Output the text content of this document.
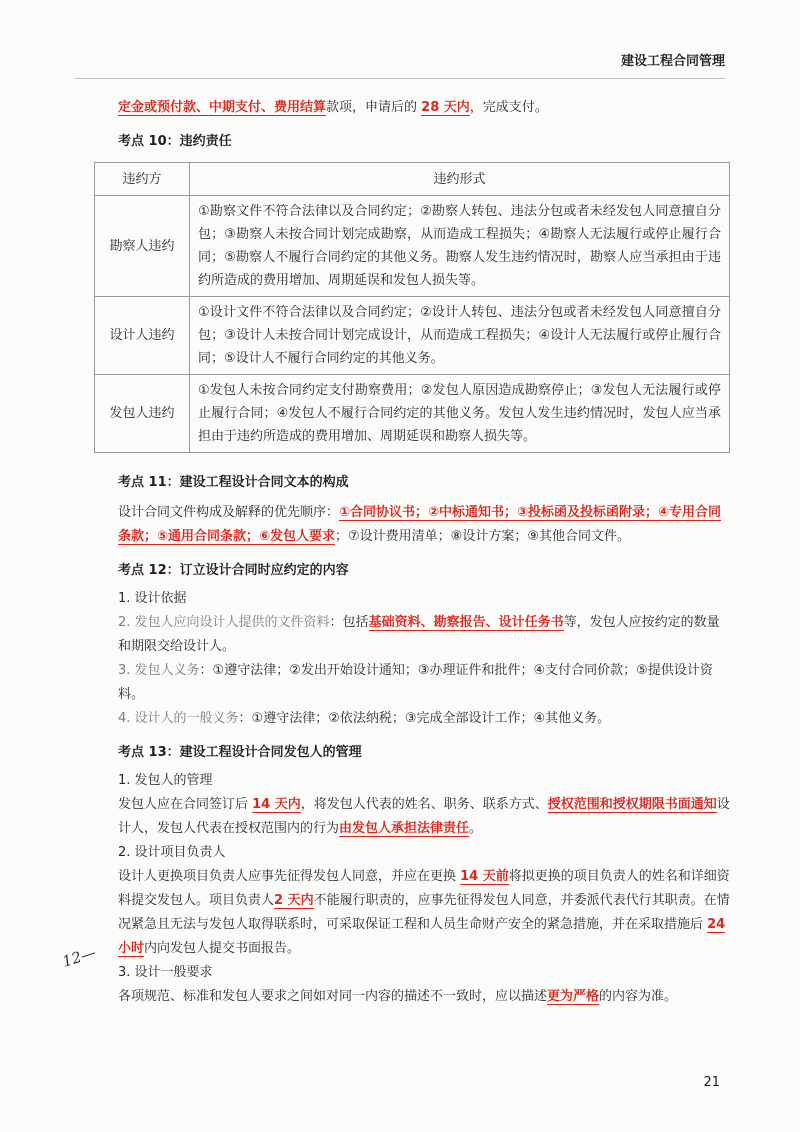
建设工程合同管理

定金或预付款、中期支付、费用结算款项，申请后的 28 天内，完成支付。

考点 10：违约责任

违约方	违约形式
勘察人违约	①勘察文件不符合法律以及合同约定；②勘察人转包、违法分包或者未经发包人同意擅自分包；③勘察人未按合同计划完成勘察，从而造成工程损失；④勘察人无法履行或停止履行合同；⑤勘察人不履行合同约定的其他义务。勘察人发生违约情况时，勘察人应当承担由于违约所造成的费用增加、周期延误和发包人损失等。
设计人违约	①设计文件不符合法律以及合同约定；②设计人转包、违法分包或者未经发包人同意擅自分包；③设计人未按合同计划完成设计，从而造成工程损失；④设计人无法履行或停止履行合同；⑤设计人不履行合同约定的其他义务。
发包人违约	①发包人未按合同约定支付勘察费用；②发包人原因造成勘察停止；③发包人无法履行或停止履行合同；④发包人不履行合同约定的其他义务。发包人发生违约情况时，发包人应当承担由于违约所造成的费用增加、周期延误和勘察人损失等。

考点 11：建设工程设计合同文本的构成

设计合同文件构成及解释的优先顺序：①合同协议书；②中标通知书；③投标函及投标函附录；④专用合同条款；⑤通用合同条款；⑥发包人要求；⑦设计费用清单；⑧设计方案；⑨其他合同文件。

考点 12：订立设计合同时应约定的内容

1. 设计依据

2. 发包人应向设计人提供的文件资料：包括基础资料、勘察报告、设计任务书等，发包人应按约定的数量和期限交给设计人。

3. 发包人义务：①遵守法律；②发出开始设计通知；③办理证件和批件；④支付合同价款；⑤提供设计资料。

4. 设计人的一般义务：①遵守法律；②依法纳税；③完成全部设计工作；④其他义务。

考点 13：建设工程设计合同发包人的管理

1. 发包人的管理

发包人应在合同签订后 14 天内，将发包人代表的姓名、职务、联系方式、授权范围和授权期限书面通知设计人，发包人代表在授权范围内的行为由发包人承担法律责任。

2. 设计项目负责人

设计人更换项目负责人应事先征得发包人同意，并应在更换 14 天前将拟更换的项目负责人的姓名和详细资料提交发包人。项目负责人2 天内不能履行职责的，应事先征得发包人同意，并委派代表代行其职责。在情况紧急且无法与发包人取得联系时，可采取保证工程和人员生命财产安全的紧急措施，并在采取措施后 24 小时内向发包人提交书面报告。

3. 设计一般要求

各项规范、标准和发包人要求之间如对同一内容的描述不一致时，应以描述更为严格的内容为准。

12—
21
